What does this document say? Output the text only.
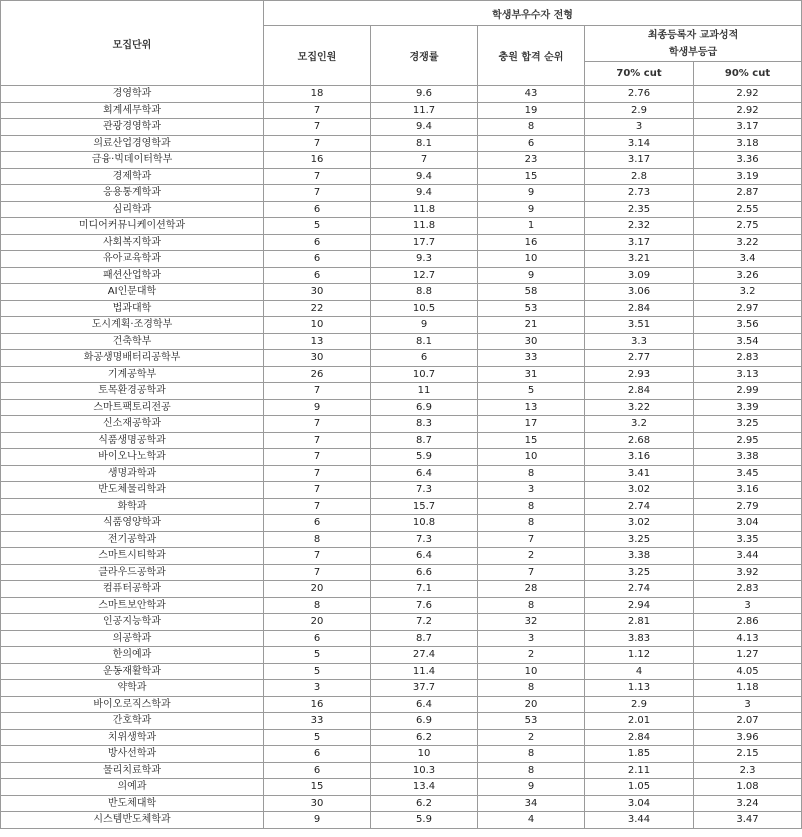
모집단위	학생부우수자 전형				
	모집인원	경쟁률	충원 합격 순위	최종등록자 교과성적
학생부등급	

				70% cut	90% cut
경영학과	18	9.6	43	2.76	2.92
회계세무학과	7	11.7	19	2.9	2.92
관광경영학과	7	9.4	8	3	3.17
의료산업경영학과	7	8.1	6	3.14	3.18
금융·빅데이터학부	16	7	23	3.17	3.36
경제학과	7	9.4	15	2.8	3.19
응용통계학과	7	9.4	9	2.73	2.87
심리학과	6	11.8	9	2.35	2.55
미디어커뮤니케이션학과	5	11.8	1	2.32	2.75
사회복지학과	6	17.7	16	3.17	3.22
유아교육학과	6	9.3	10	3.21	3.4
패션산업학과	6	12.7	9	3.09	3.26
AI인문대학	30	8.8	58	3.06	3.2
법과대학	22	10.5	53	2.84	2.97
도시계획·조경학부	10	9	21	3.51	3.56
건축학부	13	8.1	30	3.3	3.54
화공생명배터리공학부	30	6	33	2.77	2.83
기계공학부	26	10.7	31	2.93	3.13
토목환경공학과	7	11	5	2.84	2.99
스마트팩토리전공	9	6.9	13	3.22	3.39
신소재공학과	7	8.3	17	3.2	3.25
식품생명공학과	7	8.7	15	2.68	2.95
바이오나노학과	7	5.9	10	3.16	3.38
생명과학과	7	6.4	8	3.41	3.45
반도체물리학과	7	7.3	3	3.02	3.16
화학과	7	15.7	8	2.74	2.79
식품영양학과	6	10.8	8	3.02	3.04
전기공학과	8	7.3	7	3.25	3.35
스마트시티학과	7	6.4	2	3.38	3.44
클라우드공학과	7	6.6	7	3.25	3.92
컴퓨터공학과	20	7.1	28	2.74	2.83
스마트보안학과	8	7.6	8	2.94	3
인공지능학과	20	7.2	32	2.81	2.86
의공학과	6	8.7	3	3.83	4.13
한의예과	5	27.4	2	1.12	1.27
운동재활학과	5	11.4	10	4	4.05
약학과	3	37.7	8	1.13	1.18
바이오로직스학과	16	6.4	20	2.9	3
간호학과	33	6.9	53	2.01	2.07
치위생학과	5	6.2	2	2.84	3.96
방사선학과	6	10	8	1.85	2.15
물리치료학과	6	10.3	8	2.11	2.3
의예과	15	13.4	9	1.05	1.08
반도체대학	30	6.2	34	3.04	3.24
시스템반도체학과	9	5.9	4	3.44	3.47
